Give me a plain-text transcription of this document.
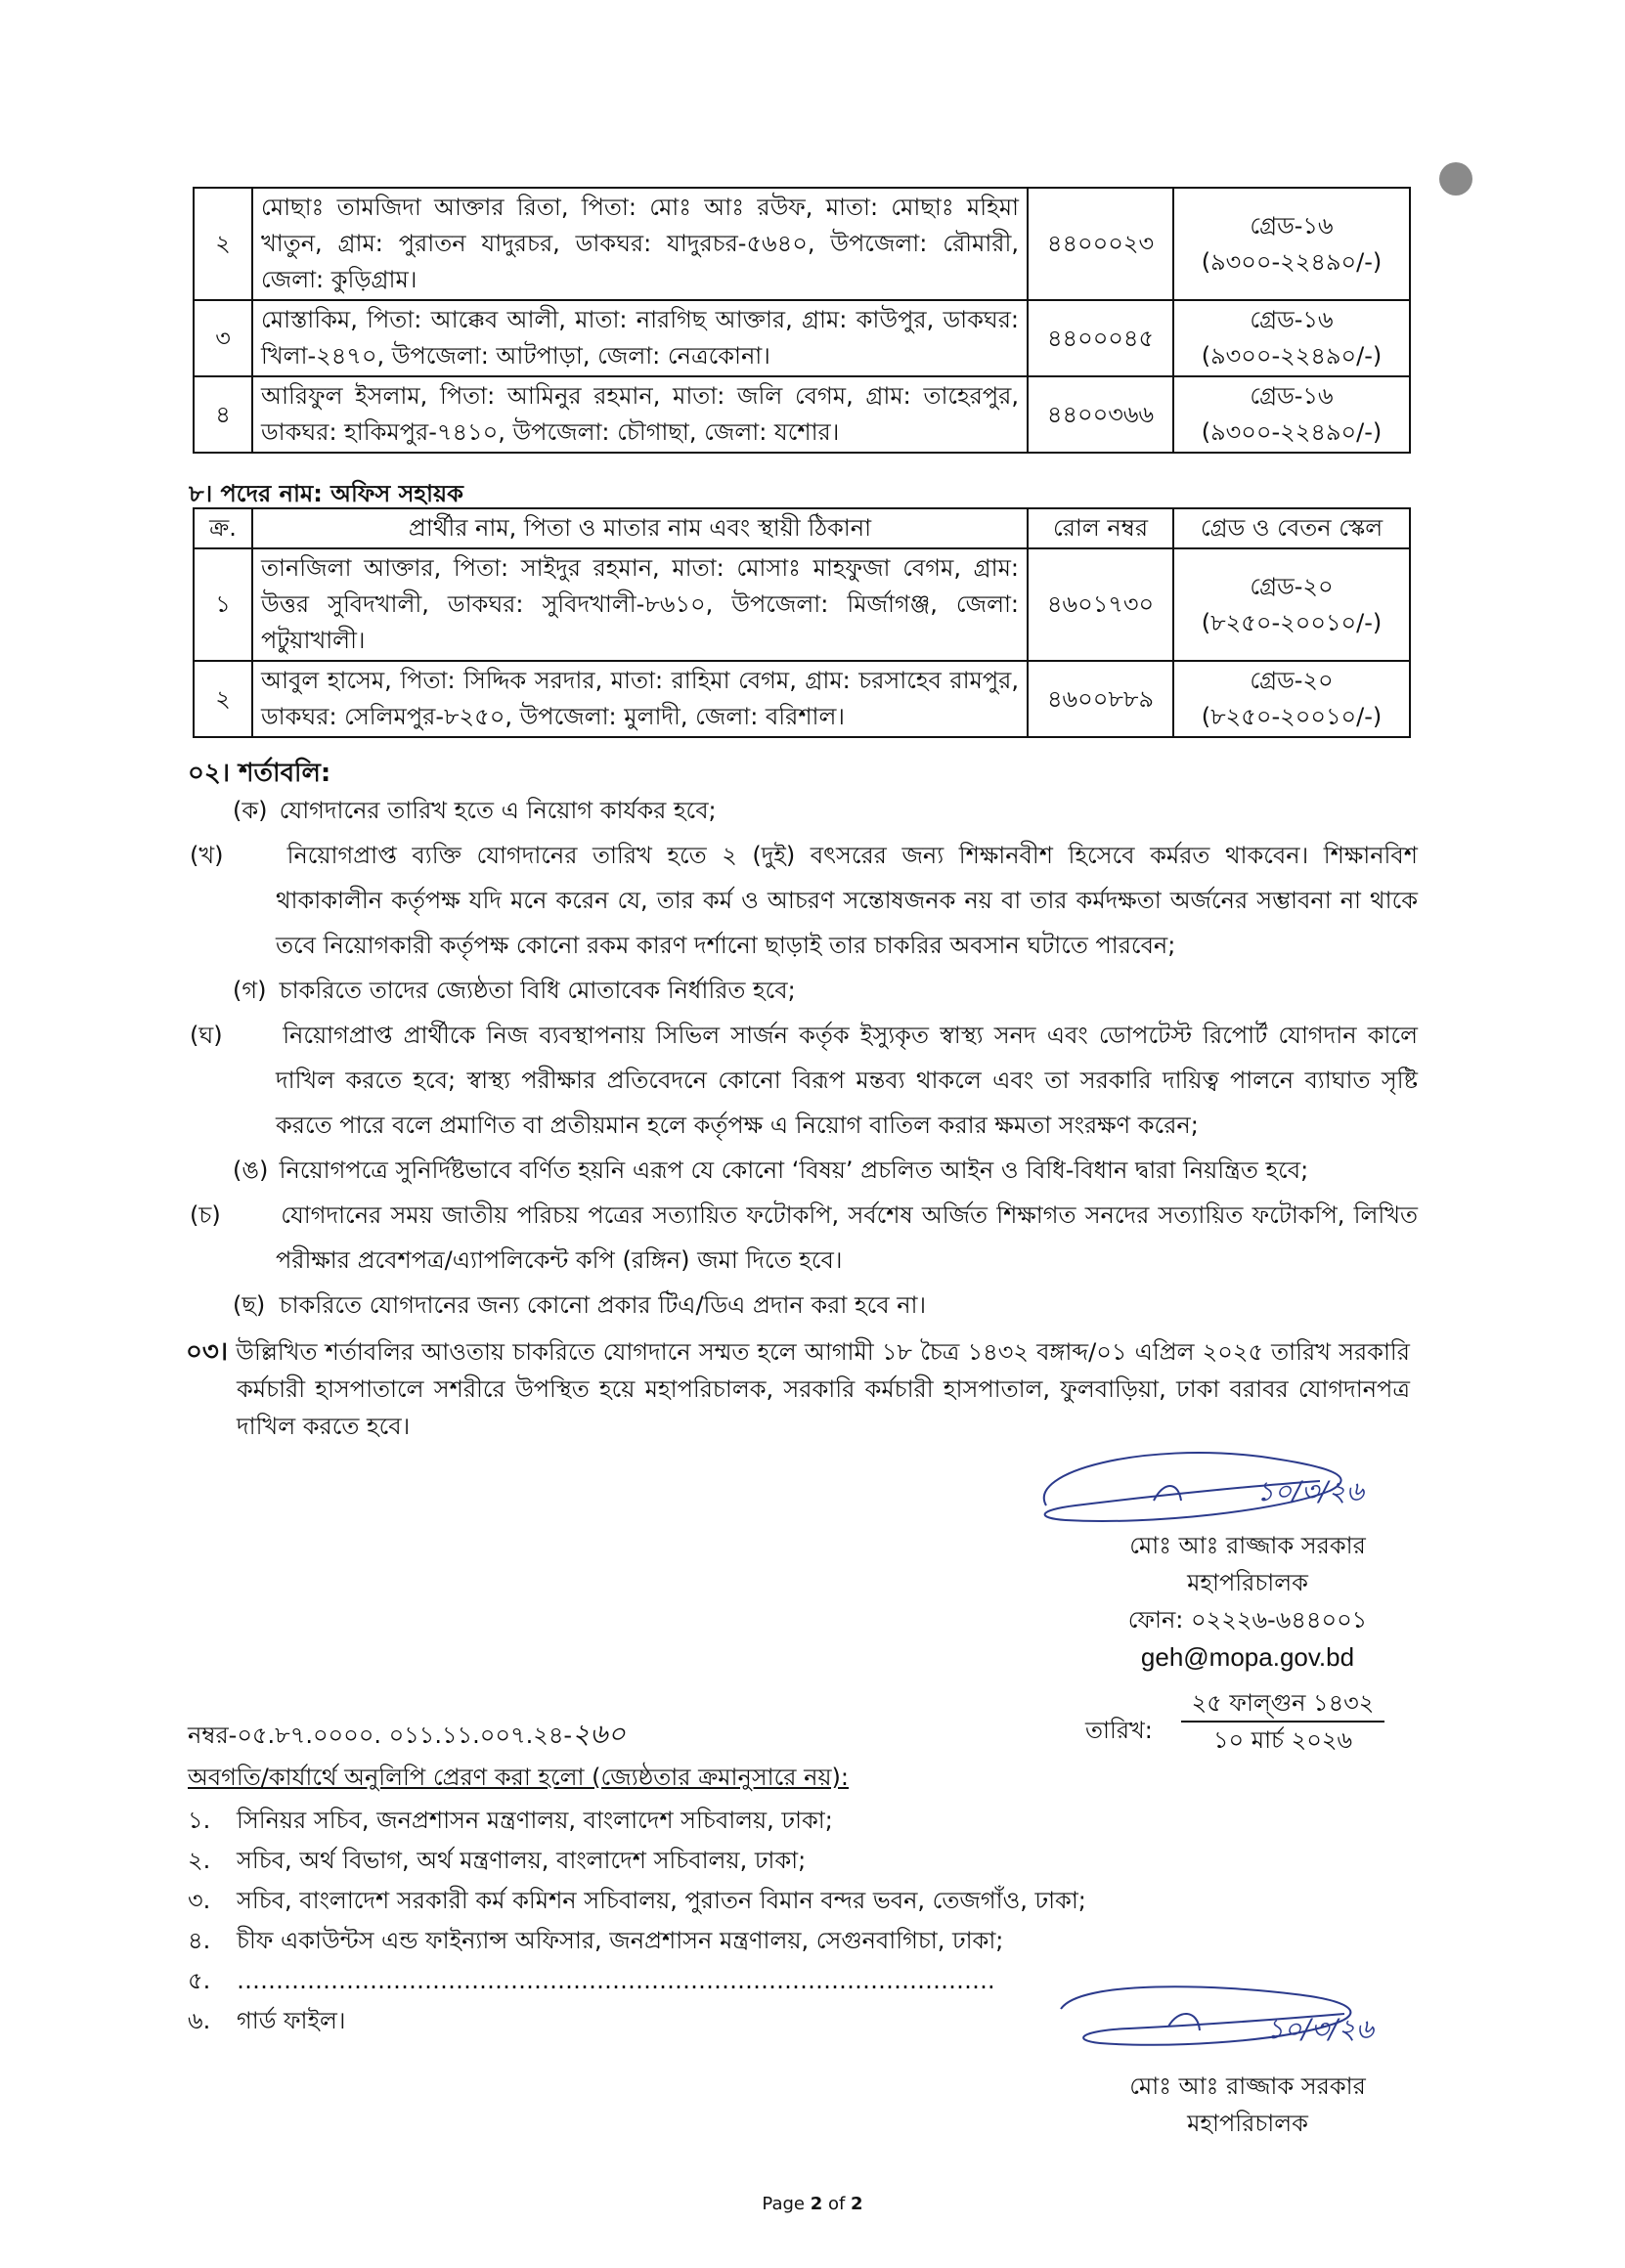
২	মোছাঃ তামজিদা আক্তার রিতা, পিতা: মোঃ আঃ রউফ, মাতা: মোছাঃ মহিমা খাতুন, গ্রাম: পুরাতন যাদুরচর, ডাকঘর: যাদুরচর-৫৬৪০, উপজেলা: রৌমারী, জেলা: কুড়িগ্রাম।	৪৪০০০২৩	গ্রেড-১৬
(৯৩০০-২২৪৯০/-)

৩	মোস্তাকিম, পিতা: আক্কেব আলী, মাতা: নারগিছ আক্তার, গ্রাম: কাউপুর, ডাকঘর: খিলা-২৪৭০, উপজেলা: আটপাড়া, জেলা: নেত্রকোনা।	৪৪০০০৪৫	গ্রেড-১৬
(৯৩০০-২২৪৯০/-)

৪	আরিফুল ইসলাম, পিতা: আমিনুর রহমান, মাতা: জলি বেগম, গ্রাম: তাহেরপুর, ডাকঘর: হাকিমপুর-৭৪১০, উপজেলা: চৌগাছা, জেলা: যশোর।	৪৪০০৩৬৬	গ্রেড-১৬
(৯৩০০-২২৪৯০/-)
৮। পদের নাম: অফিস সহায়ক
ক্র.	প্রার্থীর নাম, পিতা ও মাতার নাম এবং স্থায়ী ঠিকানা	রোল নম্বর	গ্রেড ও বেতন স্কেল
১	তানজিলা আক্তার, পিতা: সাইদুর রহমান, মাতা: মোসাঃ মাহফুজা বেগম, গ্রাম: উত্তর সুবিদখালী, ডাকঘর: সুবিদখালী-৮৬১০, উপজেলা: মির্জাগঞ্জ, জেলা: পটুয়াখালী।	৪৬০১৭৩০	গ্রেড-২০
(৮২৫০-২০০১০/-)

২	আবুল হাসেম, পিতা: সিদ্দিক সরদার, মাতা: রাহিমা বেগম, গ্রাম: চরসাহেব রামপুর, ডাকঘর: সেলিমপুর-৮২৫০, উপজেলা: মুলাদী, জেলা: বরিশাল।	৪৬০০৮৮৯	গ্রেড-২০
(৮২৫০-২০০১০/-)
০২। শর্তাবলি:
(ক) যোগদানের তারিখ হতে এ নিয়োগ কার্যকর হবে;
(খ)	নিয়োগপ্রাপ্ত ব্যক্তি যোগদানের তারিখ হতে ২ (দুই) বৎসরের জন্য শিক্ষানবীশ হিসেবে কর্মরত থাকবেন। শিক্ষানবিশ থাকাকালীন কর্তৃপক্ষ যদি মনে করেন যে, তার কর্ম ও আচরণ সন্তোষজনক নয় বা তার কর্মদক্ষতা অর্জনের সম্ভাবনা না থাকে তবে নিয়োগকারী কর্তৃপক্ষ কোনো রকম কারণ দর্শানো ছাড়াই তার চাকরির অবসান ঘটাতে পারবেন;
(গ) চাকরিতে তাদের জ্যেষ্ঠতা বিধি মোতাবেক নির্ধারিত হবে;
(ঘ)	নিয়োগপ্রাপ্ত প্রার্থীকে নিজ ব্যবস্থাপনায় সিভিল সার্জন কর্তৃক ইস্যুকৃত স্বাস্থ্য সনদ এবং ডোপটেস্ট রিপোর্ট যোগদান কালে দাখিল করতে হবে; স্বাস্থ্য পরীক্ষার প্রতিবেদনে কোনো বিরূপ মন্তব্য থাকলে এবং তা সরকারি দায়িত্ব পালনে ব্যাঘাত সৃষ্টি করতে পারে বলে প্রমাণিত বা প্রতীয়মান হলে কর্তৃপক্ষ এ নিয়োগ বাতিল করার ক্ষমতা সংরক্ষণ করেন;
(ঙ) নিয়োগপত্রে সুনির্দিষ্টভাবে বর্ণিত হয়নি এরূপ যে কোনো ‘বিষয়’ প্রচলিত আইন ও বিধি-বিধান দ্বারা নিয়ন্ত্রিত হবে;
(চ)	যোগদানের সময় জাতীয় পরিচয় পত্রের সত্যায়িত ফটোকপি, সর্বশেষ অর্জিত শিক্ষাগত সনদের সত্যায়িত ফটোকপি, লিখিত পরীক্ষার প্রবেশপত্র/এ্যাপলিকেন্ট কপি (রঙ্গিন) জমা দিতে হবে।
(ছ) চাকরিতে যোগদানের জন্য কোনো প্রকার টিএ/ডিএ প্রদান করা হবে না।
০৩। উল্লিখিত শর্তাবলির আওতায় চাকরিতে যোগদানে সম্মত হলে আগামী ১৮ চৈত্র ১৪৩২ বঙ্গাব্দ/০১ এপ্রিল ২০২৫ তারিখ সরকারি কর্মচারী হাসপাতালে সশরীরে উপস্থিত হয়ে মহাপরিচালক, সরকারি কর্মচারী হাসপাতাল, ফুলবাড়িয়া, ঢাকা বরাবর যোগদানপত্র দাখিল করতে হবে।
১০/৩/২৬
মোঃ আঃ রাজ্জাক সরকার
মহাপরিচালক
ফোন: ০২২২৬-৬৪৪০০১
geh@mopa.gov.bd
নম্বর-০৫.৮৭.০০০০. ০১১.১১.০০৭.২৪-২৬০	তারিখ:
২৫ ফাল্গুন ১৪৩২
১০ মার্চ ২০২৬
অবগতি/কার্যার্থে অনুলিপি প্রেরণ করা হলো (জ্যেষ্ঠতার ক্রমানুসারে নয়):
১. সিনিয়র সচিব, জনপ্রশাসন মন্ত্রণালয়, বাংলাদেশ সচিবালয়, ঢাকা;
২. সচিব, অর্থ বিভাগ, অর্থ মন্ত্রণালয়, বাংলাদেশ সচিবালয়, ঢাকা;
৩. সচিব, বাংলাদেশ সরকারী কর্ম কমিশন সচিবালয়, পুরাতন বিমান বন্দর ভবন, তেজগাঁও, ঢাকা;
৪. চীফ একাউন্টস এন্ড ফাইন্যান্স অফিসার, জনপ্রশাসন মন্ত্রণালয়, সেগুনবাগিচা, ঢাকা;
৫. …………………………………………………………………………………….
৬. গার্ড ফাইল।	১০/৩/২৬
মোঃ আঃ রাজ্জাক সরকার
মহাপরিচালক
Page 2 of 2
